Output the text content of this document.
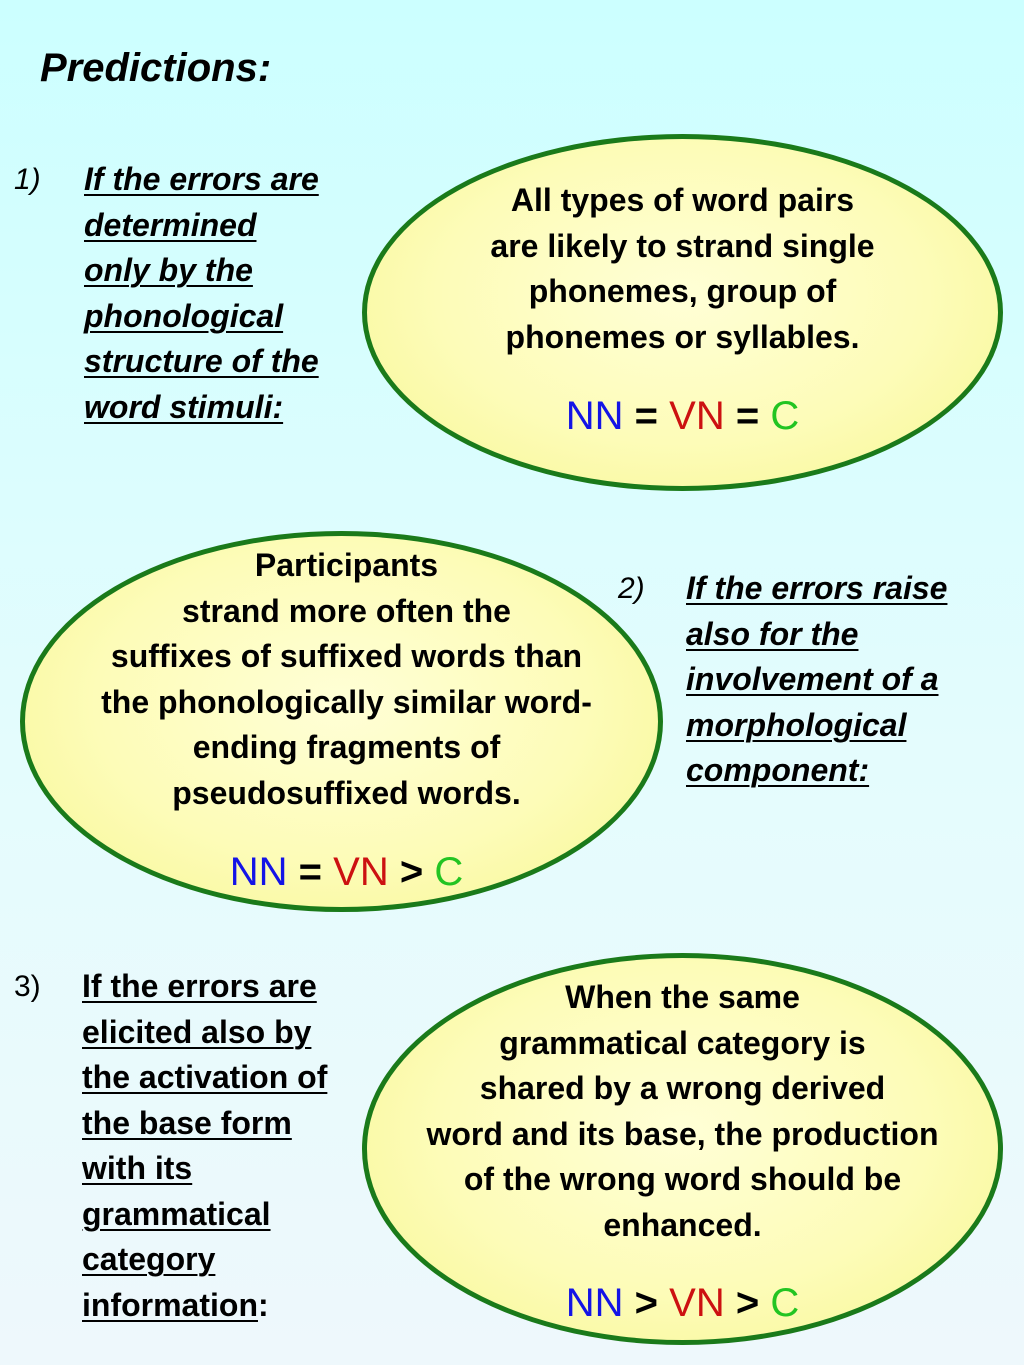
Predictions:
1) If the errors are
determined
only by the
phonological
structure of the
word stimuli:
All types of word pairs
are likely to strand single
phonemes, group of
phonemes or syllables.
NN = VN = C
Participants
strand more often the
suffixes of suffixed words than
the phonologically similar word-
ending fragments of
pseudosuffixed words.
NN = VN > C
2) If the errors raise
also for the
involvement of a
morphological
component:
3) If the errors are
elicited also by
the activation of
the base form
with its
grammatical
category
information:
When the same
grammatical category is
shared by a wrong derived
word and its base, the production
of the wrong word should be
enhanced.
NN > VN > C
